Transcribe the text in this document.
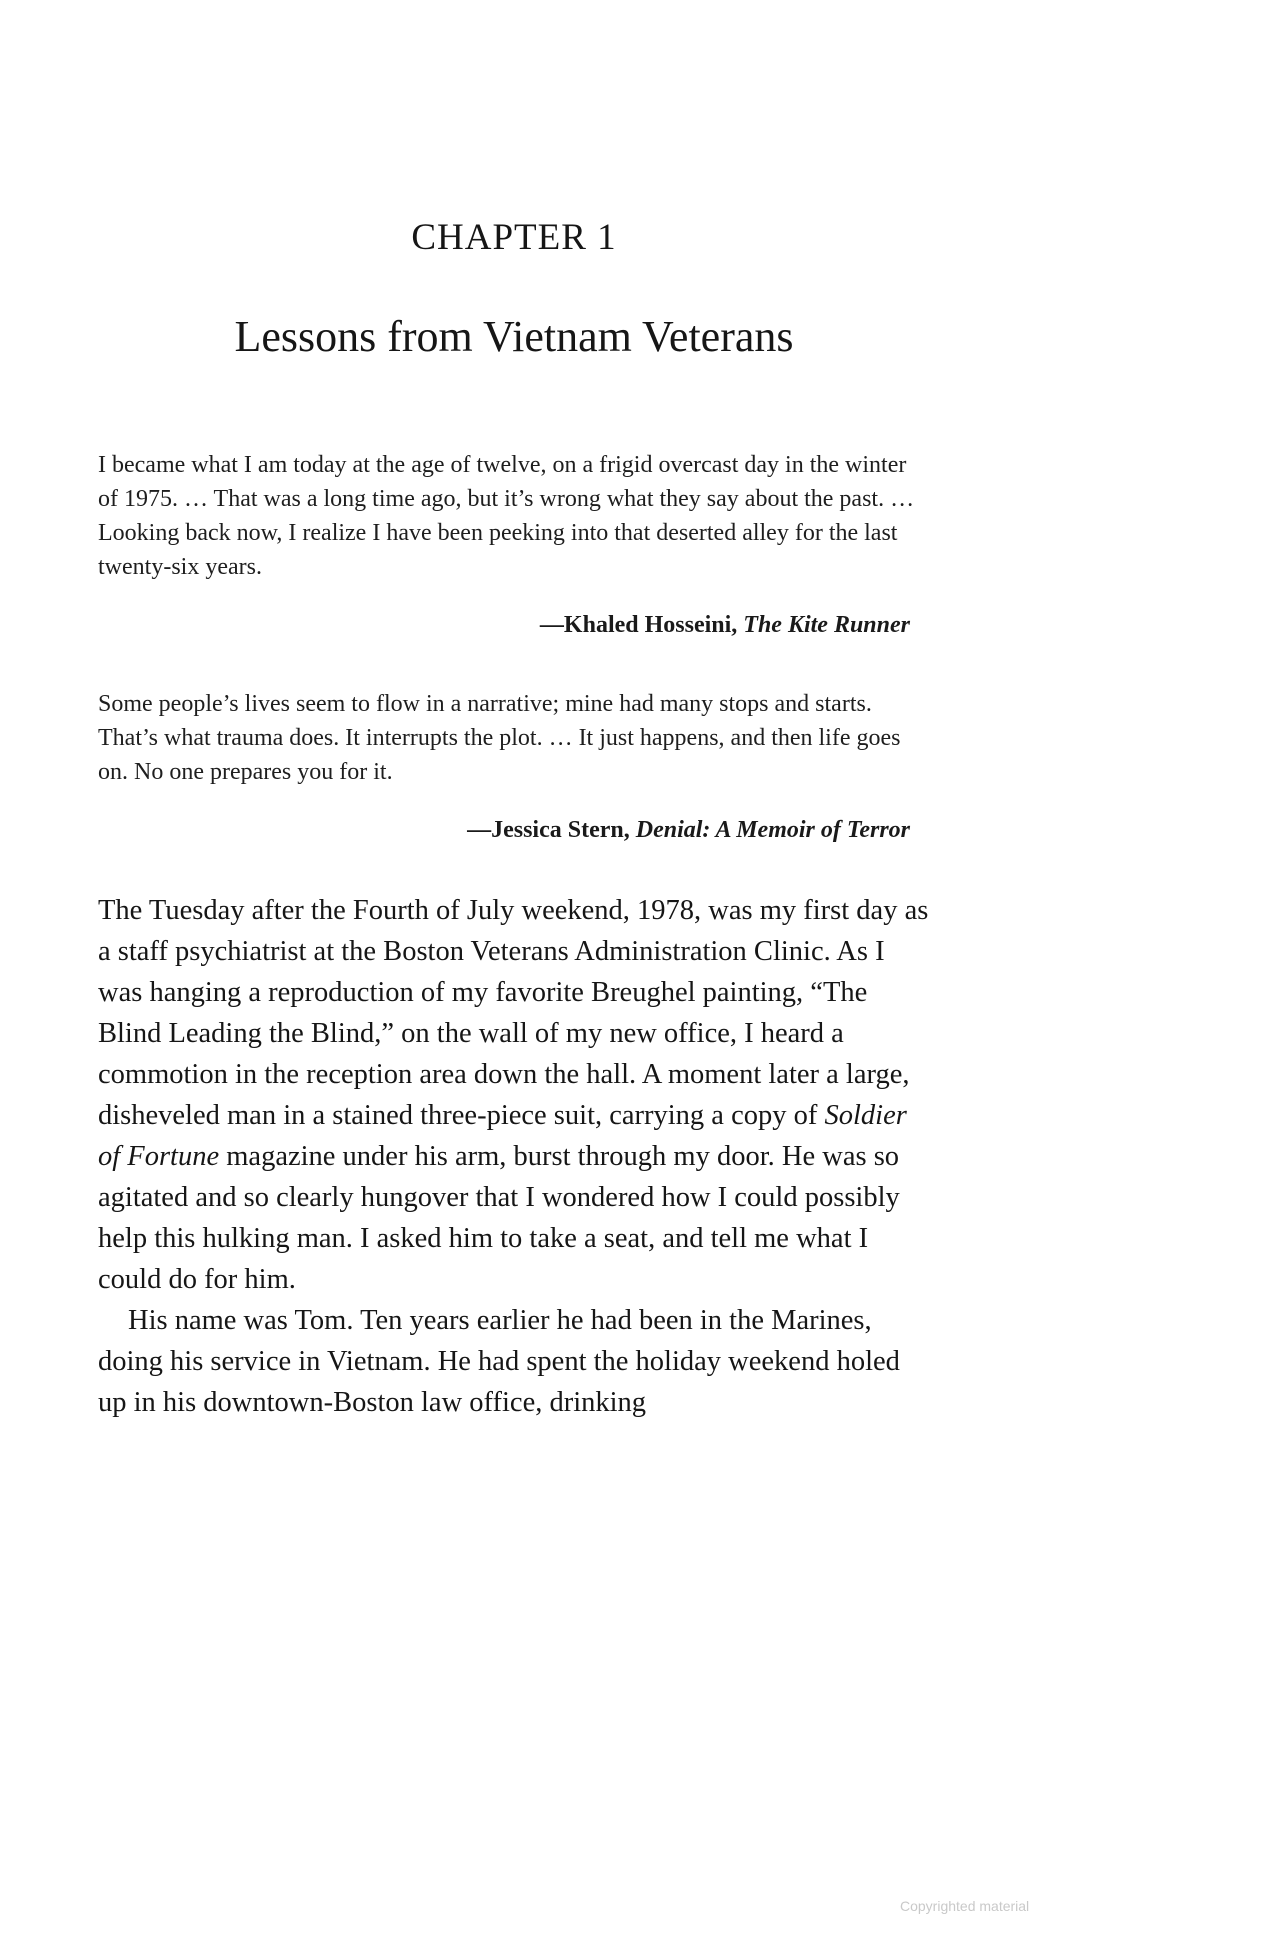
CHAPTER 1
Lessons from Vietnam Veterans

I became what I am today at the age of twelve, on a frigid overcast day in the winter of 1975. … That was a long time ago, but it’s wrong what they say about the past. … Looking back now, I realize I have been peeking into that deserted alley for the last twenty-six years.

—Khaled Hosseini, The Kite Runner

Some people’s lives seem to flow in a narrative; mine had many stops and starts. That’s what trauma does. It interrupts the plot. … It just happens, and then life goes on. No one prepares you for it.

—Jessica Stern, Denial: A Memoir of Terror

The Tuesday after the Fourth of July weekend, 1978, was my first day as a staff psychiatrist at the Boston Veterans Administration Clinic. As I was hanging a reproduction of my favorite Breughel painting, “The Blind Leading the Blind,” on the wall of my new office, I heard a commotion in the reception area down the hall. A moment later a large, disheveled man in a stained three-piece suit, carrying a copy of Soldier of Fortune magazine under his arm, burst through my door. He was so agitated and so clearly hungover that I wondered how I could possibly help this hulking man. I asked him to take a seat, and tell me what I could do for him.

His name was Tom. Ten years earlier he had been in the Marines, doing his service in Vietnam. He had spent the holiday weekend holed up in his downtown-Boston law office, drinking

Copyrighted material
